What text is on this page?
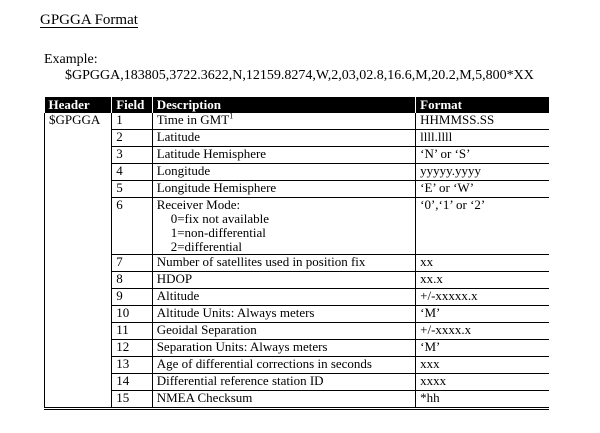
GPGGA Format
Example:
$GPGGA,183805,3722.3622,N,12159.8274,W,2,03,02.8,16.6,M,20.2,M,5,800*XX
Header	Field	Description	Format
$GPGGA	1	Time in GMT$^1$	HHMMSS.SS
	2	Latitude	llll.llll
	3	Latitude Hemisphere	‘N’ or ‘S’
	4	Longitude	yyyyy.yyyy
	5	Longitude Hemisphere	‘E’ or ‘W’
	6	Receiver Mode:
0=fix not available
1=non-differential
2=differential	‘0’,‘1’ or ‘2’
	7	Number of satellites used in position fix	xx
	8	HDOP	xx.x
	9	Altitude	+/-xxxxx.x
	10	Altitude Units: Always meters	‘M’
	11	Geoidal Separation	+/-xxxx.x
	12	Separation Units: Always meters	‘M’
	13	Age of differential corrections in seconds	xxx
	14	Differential reference station ID	xxxx
	15	NMEA Checksum	*hh
